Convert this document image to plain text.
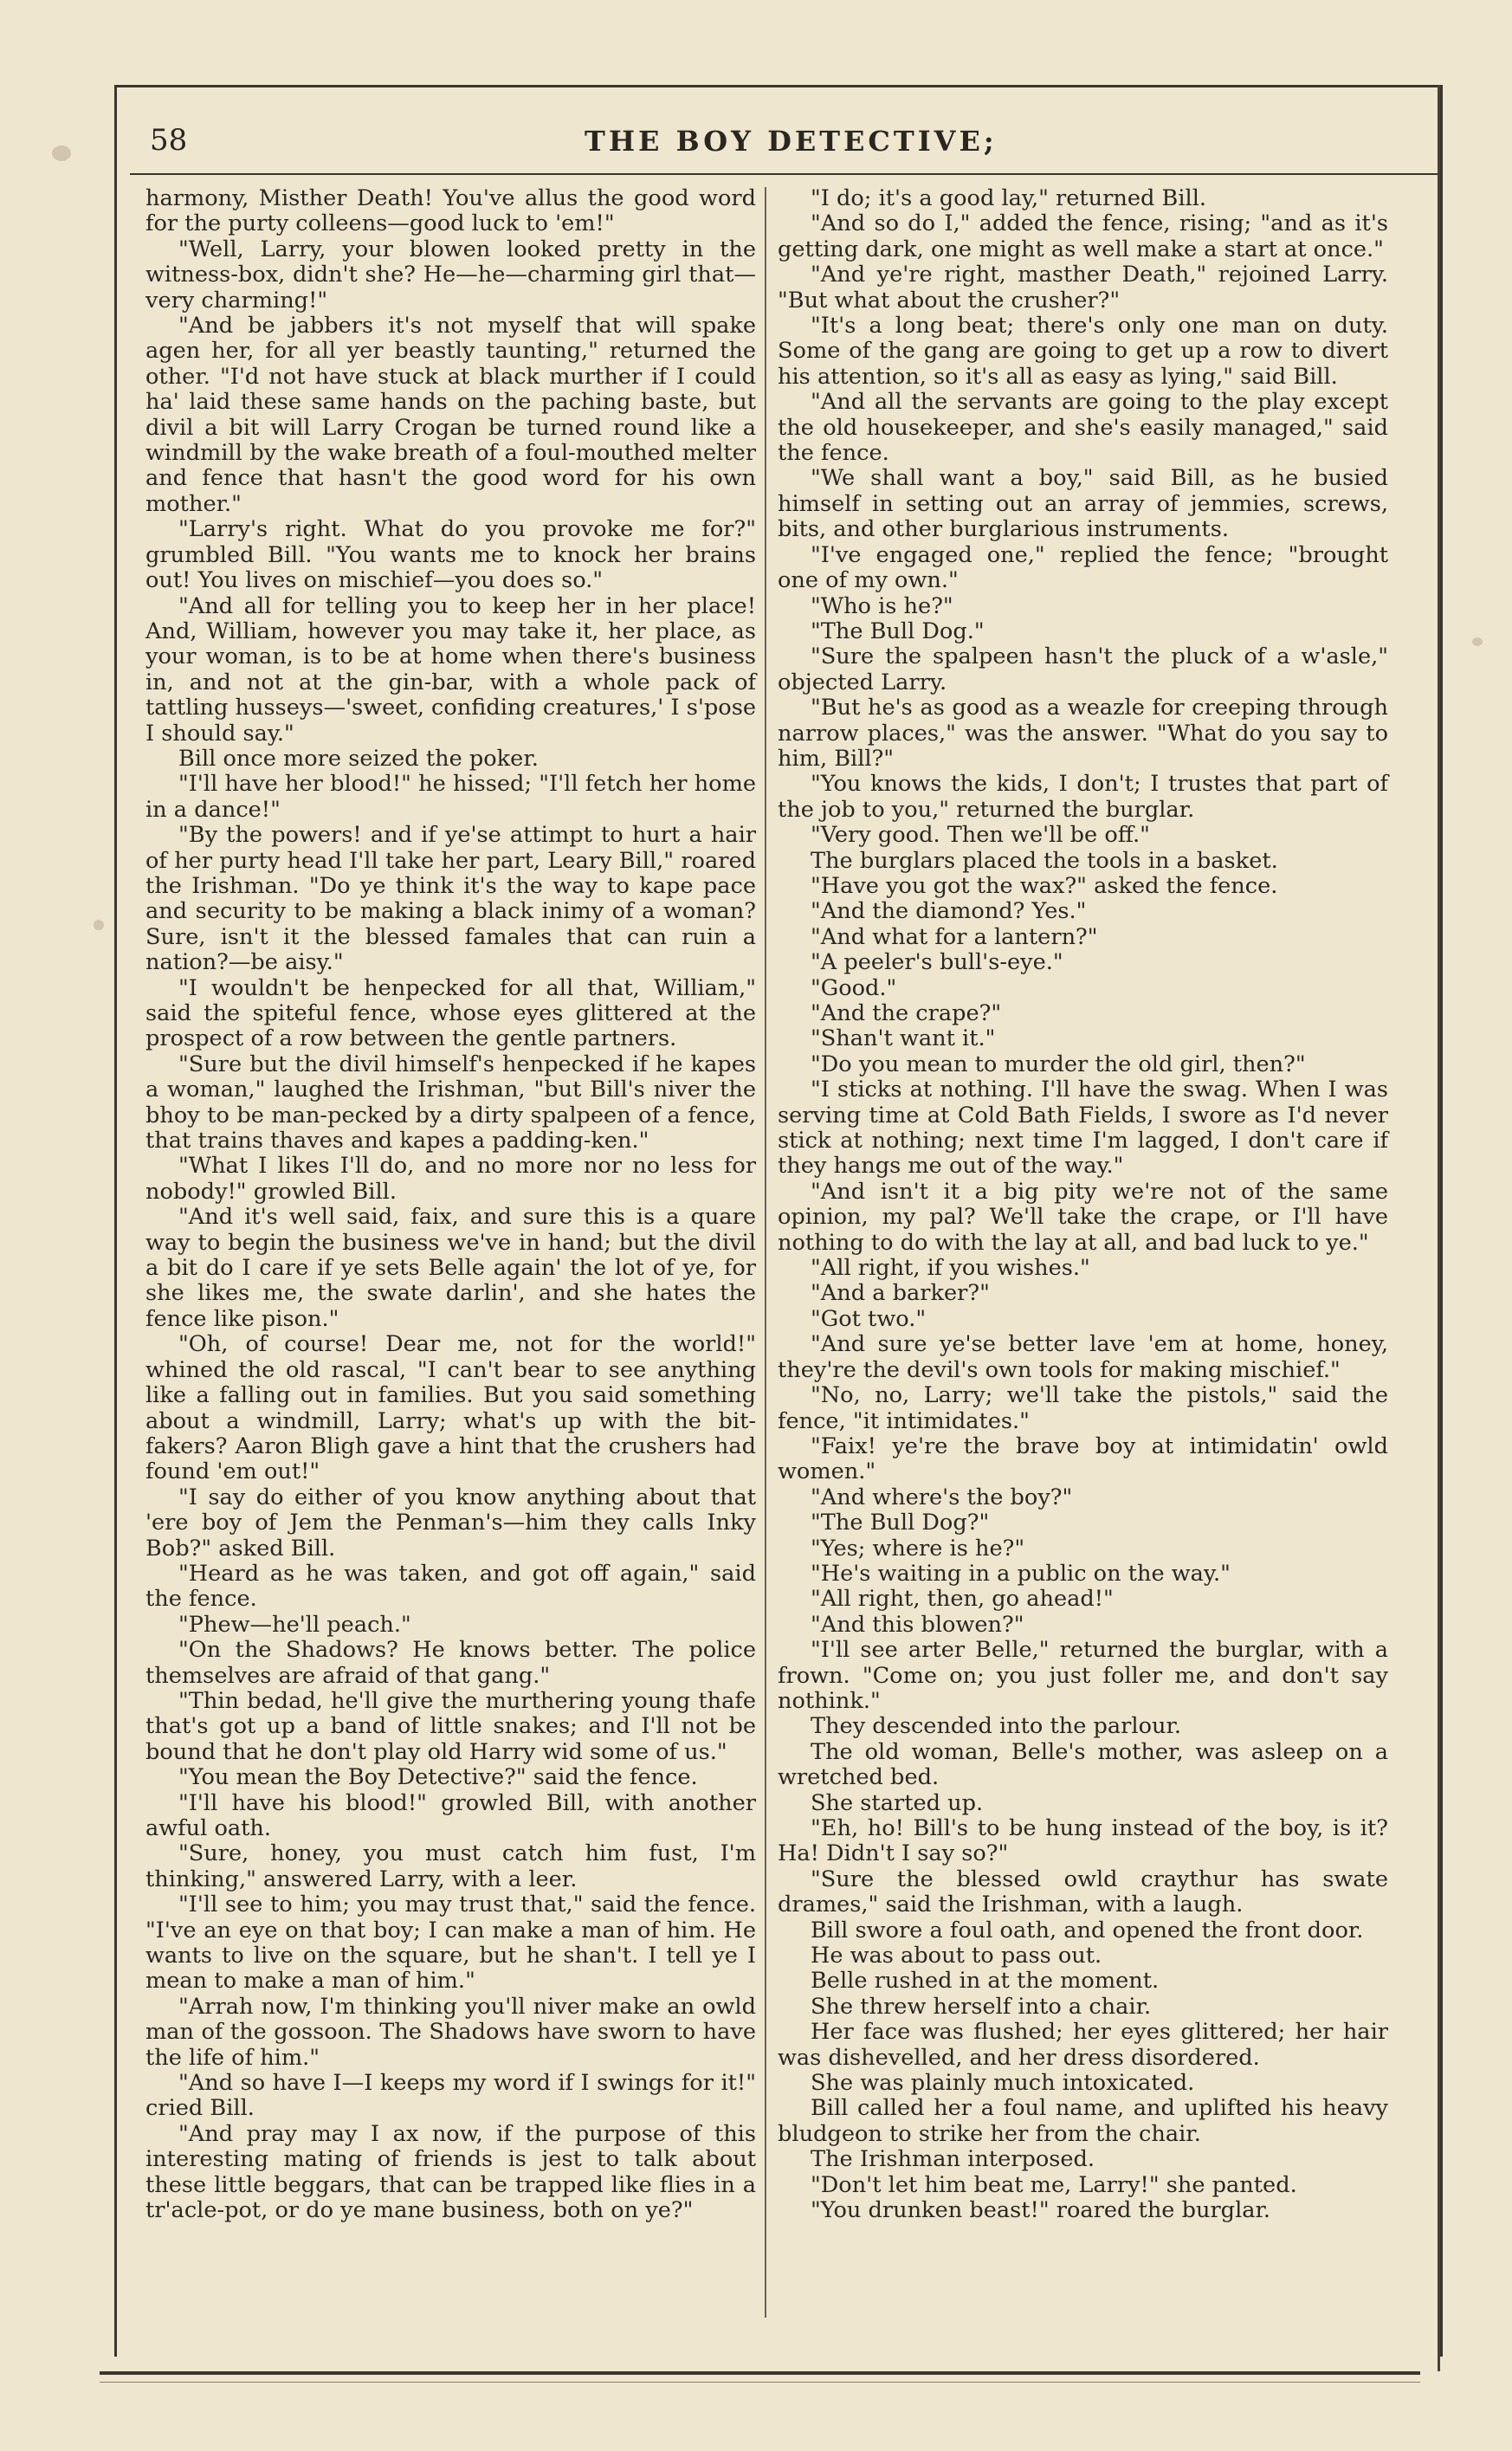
58	THE BOY DETECTIVE;

harmony, Misther Death! You've allus the good word for the purty colleens—good luck to 'em!"

"Well, Larry, your blowen looked pretty in the witness-box, didn't she? He—he—charming girl that—very charming!"

"And be jabbers it's not myself that will spake agen her, for all yer beastly taunting," returned the other. "I'd not have stuck at black murther if I could ha' laid these same hands on the paching baste, but divil a bit will Larry Crogan be turned round like a windmill by the wake breath of a foul-mouthed melter and fence that hasn't the good word for his own mother."

"Larry's right. What do you provoke me for?" grumbled Bill. "You wants me to knock her brains out! You lives on mischief—you does so."

"And all for telling you to keep her in her place! And, William, however you may take it, her place, as your woman, is to be at home when there's business in, and not at the gin-bar, with a whole pack of tattling husseys—'sweet, confiding creatures,' I s'pose I should say."

Bill once more seized the poker.

"I'll have her blood!" he hissed; "I'll fetch her home in a dance!"

"By the powers! and if ye'se attimpt to hurt a hair of her purty head I'll take her part, Leary Bill," roared the Irishman. "Do ye think it's the way to kape pace and security to be making a black inimy of a woman? Sure, isn't it the blessed famales that can ruin a nation?—be aisy."

"I wouldn't be henpecked for all that, William," said the spiteful fence, whose eyes glittered at the prospect of a row between the gentle partners.

"Sure but the divil himself's henpecked if he kapes a woman," laughed the Irishman, "but Bill's niver the bhoy to be man-pecked by a dirty spalpeen of a fence, that trains thaves and kapes a padding-ken."

"What I likes I'll do, and no more nor no less for nobody!" growled Bill.

"And it's well said, faix, and sure this is a quare way to begin the business we've in hand; but the divil a bit do I care if ye sets Belle again' the lot of ye, for she likes me, the swate darlin', and she hates the fence like pison."

"Oh, of course! Dear me, not for the world!" whined the old rascal, "I can't bear to see anything like a falling out in families. But you said something about a windmill, Larry; what's up with the bit-fakers? Aaron Bligh gave a hint that the crushers had found 'em out!"

"I say do either of you know anything about that 'ere boy of Jem the Penman's—him they calls Inky Bob?" asked Bill.

"Heard as he was taken, and got off again," said the fence.

"Phew—he'll peach."

"On the Shadows? He knows better. The police themselves are afraid of that gang."

"Thin bedad, he'll give the murthering young thafe that's got up a band of little snakes; and I'll not be bound that he don't play old Harry wid some of us."

"You mean the Boy Detective?" said the fence.

"I'll have his blood!" growled Bill, with another awful oath.

"Sure, honey, you must catch him fust, I'm thinking," answered Larry, with a leer.

"I'll see to him; you may trust that," said the fence. "I've an eye on that boy; I can make a man of him. He wants to live on the square, but he shan't. I tell ye I mean to make a man of him."

"Arrah now, I'm thinking you'll niver make an owld man of the gossoon. The Shadows have sworn to have the life of him."

"And so have I—I keeps my word if I swings for it!" cried Bill.

"And pray may I ax now, if the purpose of this interesting mating of friends is jest to talk about these little beggars, that can be trapped like flies in a tr'acle-pot, or do ye mane business, both on ye?"

"I do; it's a good lay," returned Bill.

"And so do I," added the fence, rising; "and as it's getting dark, one might as well make a start at once."

"And ye're right, masther Death," rejoined Larry. "But what about the crusher?"

"It's a long beat; there's only one man on duty. Some of the gang are going to get up a row to divert his attention, so it's all as easy as lying," said Bill.

"And all the servants are going to the play except the old housekeeper, and she's easily managed," said the fence.

"We shall want a boy," said Bill, as he busied himself in setting out an array of jemmies, screws, bits, and other burglarious instruments.

"I've engaged one," replied the fence; "brought one of my own."

"Who is he?"

"The Bull Dog."

"Sure the spalpeen hasn't the pluck of a w'asle," objected Larry.

"But he's as good as a weazle for creeping through narrow places," was the answer. "What do you say to him, Bill?"

"You knows the kids, I don't; I trustes that part of the job to you," returned the burglar.

"Very good. Then we'll be off."

The burglars placed the tools in a basket.

"Have you got the wax?" asked the fence.

"And the diamond? Yes."

"And what for a lantern?"

"A peeler's bull's-eye."

"Good."

"And the crape?"

"Shan't want it."

"Do you mean to murder the old girl, then?"

"I sticks at nothing. I'll have the swag. When I was serving time at Cold Bath Fields, I swore as I'd never stick at nothing; next time I'm lagged, I don't care if they hangs me out of the way."

"And isn't it a big pity we're not of the same opinion, my pal? We'll take the crape, or I'll have nothing to do with the lay at all, and bad luck to ye."

"All right, if you wishes."

"And a barker?"

"Got two."

"And sure ye'se better lave 'em at home, honey, they're the devil's own tools for making mischief."

"No, no, Larry; we'll take the pistols," said the fence, "it intimidates."

"Faix! ye're the brave boy at intimidatin' owld women."

"And where's the boy?"

"The Bull Dog?"

"Yes; where is he?"

"He's waiting in a public on the way."

"All right, then, go ahead!"

"And this blowen?"

"I'll see arter Belle," returned the burglar, with a frown. "Come on; you just foller me, and don't say nothink."

They descended into the parlour.

The old woman, Belle's mother, was asleep on a wretched bed.

She started up.

"Eh, ho! Bill's to be hung instead of the boy, is it? Ha! Didn't I say so?"

"Sure the blessed owld craythur has swate drames," said the Irishman, with a laugh.

Bill swore a foul oath, and opened the front door.

He was about to pass out.

Belle rushed in at the moment.

She threw herself into a chair.

Her face was flushed; her eyes glittered; her hair was dishevelled, and her dress disordered.

She was plainly much intoxicated.

Bill called her a foul name, and uplifted his heavy bludgeon to strike her from the chair.

The Irishman interposed.

"Don't let him beat me, Larry!" she panted.

"You drunken beast!" roared the burglar.
